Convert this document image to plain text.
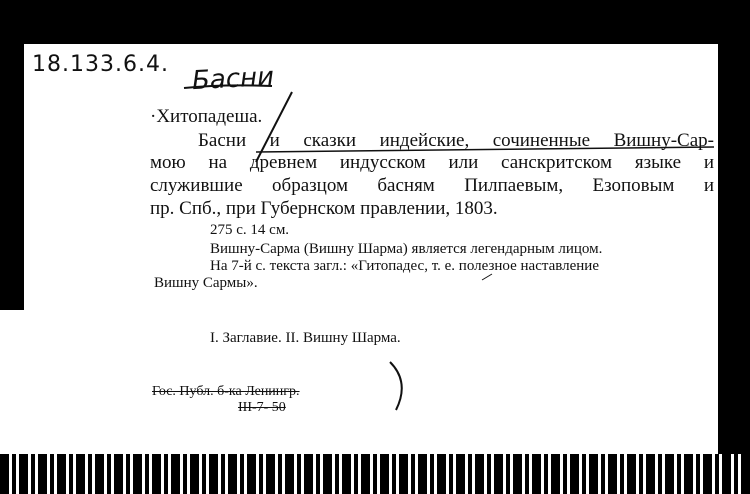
18.133.6.4. Басни
·Хитопадеша.
Басни и сказки индейские, сочиненные Вишну-Сар-
мою на древнем индусском или санскритском языке и
служившие образцом басням Пилпаевым, Езоповым и
пр. Спб., при Губернском правлении, 1803.
275 с. 14 см.
Вишну-Сарма (Вишну Шарма) является легендарным лицом.
На 7-й с. текста загл.: «Гитопадес, т. е. полезное наставление
Вишну Сармы».
I. Заглавие. II. Вишну Шарма.
Гос. Публ. б-ка Ленингр.
III-7- 50
